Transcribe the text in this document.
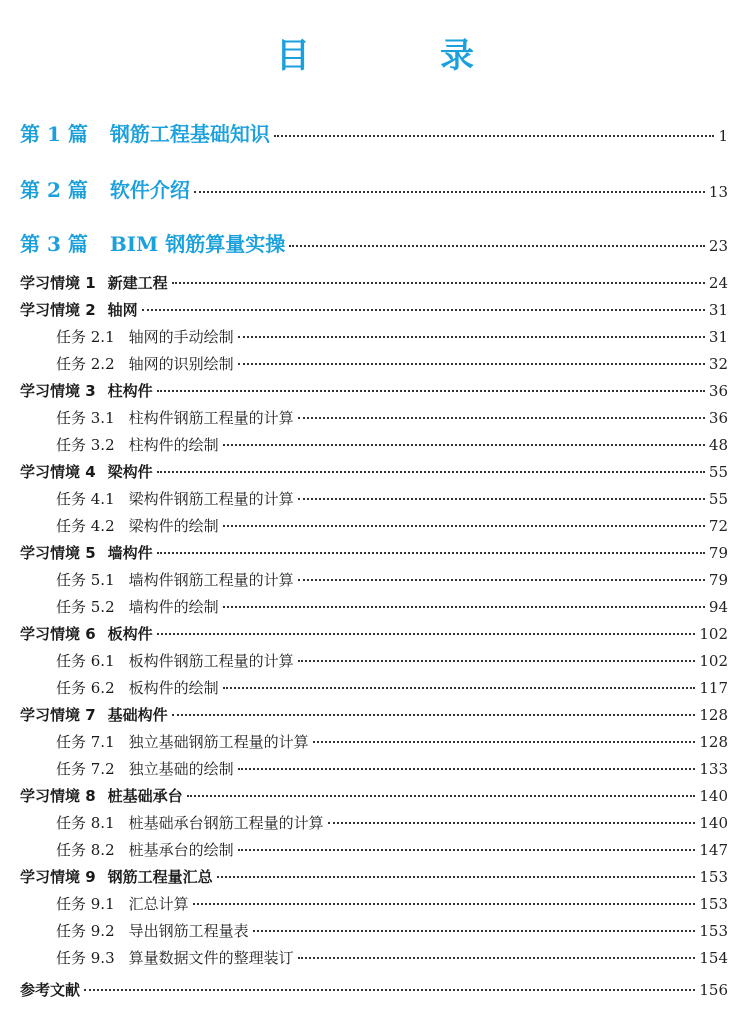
目　录
第 1 篇 钢筋工程基础知识	1
第 2 篇 软件介绍	13
第 3 篇 BIM 钢筋算量实操	23
学习情境 1 新建工程	24
学习情境 2 轴网	31
任务 2.1 轴网的手动绘制	31
任务 2.2 轴网的识别绘制	32
学习情境 3 柱构件	36
任务 3.1 柱构件钢筋工程量的计算	36
任务 3.2 柱构件的绘制	48
学习情境 4 梁构件	55
任务 4.1 梁构件钢筋工程量的计算	55
任务 4.2 梁构件的绘制	72
学习情境 5 墙构件	79
任务 5.1 墙构件钢筋工程量的计算	79
任务 5.2 墙构件的绘制	94
学习情境 6 板构件	102
任务 6.1 板构件钢筋工程量的计算	102
任务 6.2 板构件的绘制	117
学习情境 7 基础构件	128
任务 7.1 独立基础钢筋工程量的计算	128
任务 7.2 独立基础的绘制	133
学习情境 8 桩基础承台	140
任务 8.1 桩基础承台钢筋工程量的计算	140
任务 8.2 桩基承台的绘制	147
学习情境 9 钢筋工程量汇总	153
任务 9.1 汇总计算	153
任务 9.2 导出钢筋工程量表	153
任务 9.3 算量数据文件的整理装订	154
参考文献	156
